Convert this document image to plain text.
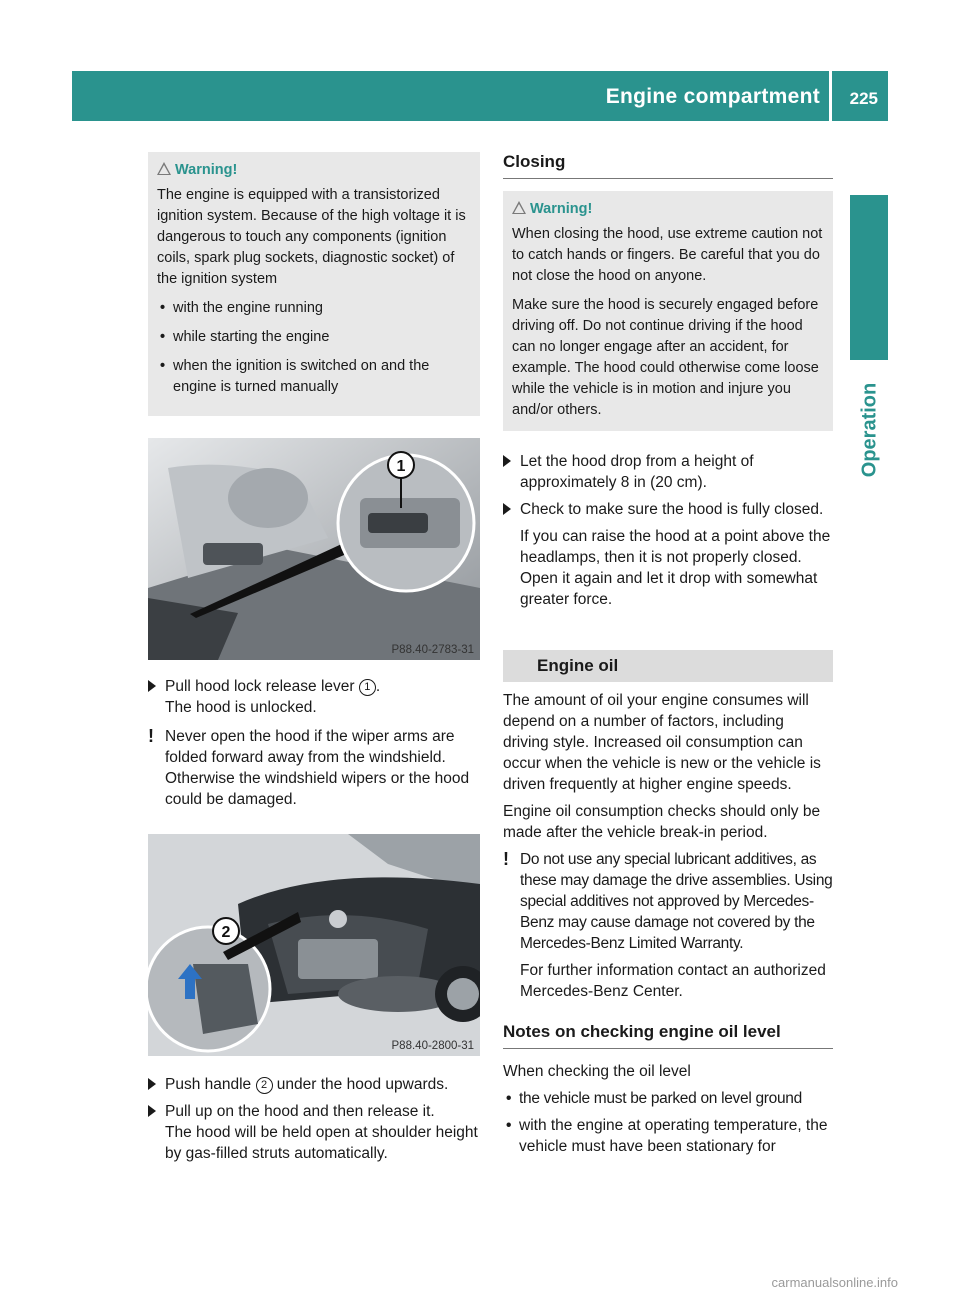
Engine compartment 225
Operation
Warning!

The engine is equipped with a transistorized ignition system. Because of the high voltage it is dangerous to touch any components (ignition coils, spark plug sockets, diagnostic socket) of the ignition system

• with the engine running
• while starting the engine
• when the ignition is switched on and the engine is turned manually
1
P88.40-2783-31
Pull hood lock release lever 1 .
The hood is unlocked.
! Never open the hood if the wiper arms are folded forward away from the windshield. Otherwise the windshield wipers or the hood could be damaged.
2
P88.40-2800-31
Push handle 2 under the hood upwards.
Pull up on the hood and then release it.
The hood will be held open at shoulder height by gas-filled struts automatically.
Closing
Warning!

When closing the hood, use extreme caution not to catch hands or fingers. Be careful that you do not close the hood on anyone.

Make sure the hood is securely engaged before driving off. Do not continue driving if the hood can no longer engage after an accident, for example. The hood could otherwise come loose while the vehicle is in motion and injure you and/or others.

Let the hood drop from a height of approximately 8 in (20 cm).
Check to make sure the hood is fully closed.
If you can raise the hood at a point above the headlamps, then it is not properly closed. Open it again and let it drop with somewhat greater force.
Engine oil

The amount of oil your engine consumes will depend on a number of factors, including driving style. Increased oil consumption can occur when the vehicle is new or the vehicle is driven frequently at higher engine speeds.

Engine oil consumption checks should only be made after the vehicle break-in period.

! Do not use any special lubricant additives, as these may damage the drive assemblies. Using special additives not approved by Mercedes-Benz may cause damage not covered by the Mercedes-Benz Limited Warranty.
For further information contact an authorized Mercedes-Benz Center.
Notes on checking engine oil level

When checking the oil level

• the vehicle must be parked on level ground
• with the engine at operating temperature, the vehicle must have been stationary for
carmanualsonline.info
